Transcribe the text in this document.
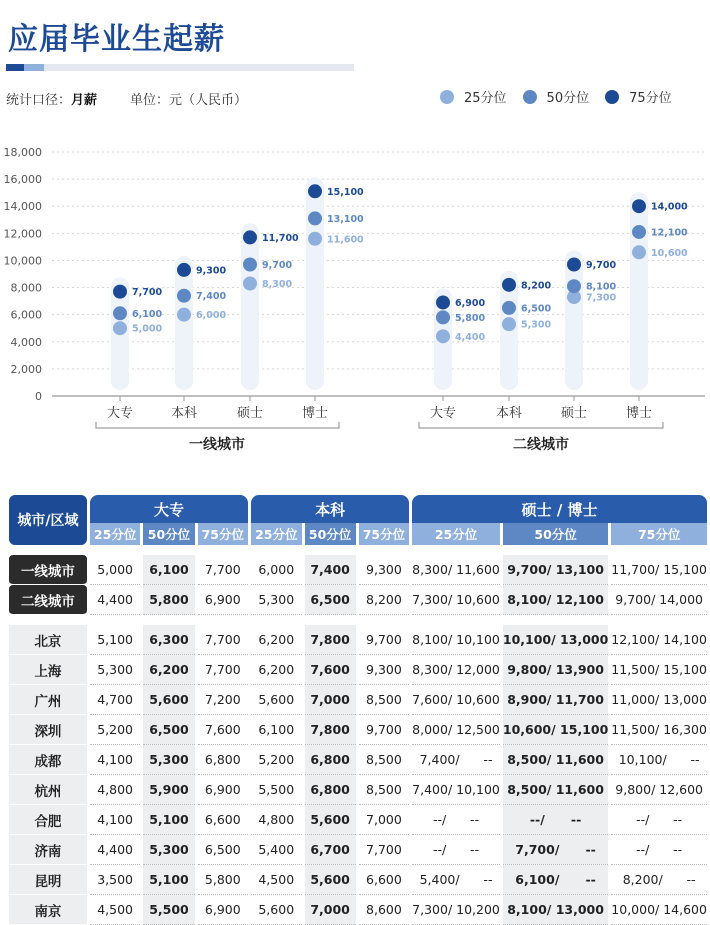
应届毕业生起薪
统计口径：月薪	单位：元（人民币）	25分位	50分位	75分位
0
2,000
4,000
6,000
8,000
10,000
12,000
14,000
16,000
18,000
大专	本科	硕士	博士
一线城市
5,000
6,000
8,300
11,600
6,100
7,400
9,700
13,100
7,700
9,300
11,700
15,100
大专	本科	硕士	博士
二线城市
4,400
5,300
7,300
10,600
5,800
6,500
8,100
12,100
6,900
8,200
9,700
14,000
城市/区域	大专			本科			硕士 / 博士		
	25分位	50分位	75分位	25分位	50分位	75分位	25分位	50分位	75分位

一线城市	5,000	6,100	7,700	6,000	7,400	9,300	8,300/ 11,600	9,700/ 13,100	11,700/ 15,100
二线城市	4,400	5,800	6,900	5,300	6,500	8,200	7,300/ 10,600	8,100/ 12,100	9,700/ 14,000

北京	5,100	6,300	7,700	6,200	7,800	9,700	8,100/ 10,100	10,100/ 13,000	12,100/ 14,100
上海	5,300	6,200	7,700	6,200	7,600	9,300	8,300/ 12,000	9,800/ 13,900	11,500/ 15,100
广州	4,700	5,600	7,200	5,600	7,000	8,500	7,600/ 10,600	8,900/ 11,700	11,000/ 13,000
深圳	5,200	6,500	7,600	6,100	7,800	9,700	8,000/ 12,500	10,600/ 15,100	11,500/ 16,300
成都	4,100	5,300	6,800	5,200	6,800	8,500	7,400/      --	8,500/ 11,600	10,100/      --
杭州	4,800	5,900	6,900	5,500	6,800	8,500	7,400/ 10,100	8,500/ 11,600	9,800/ 12,600
合肥	4,100	5,100	6,600	4,800	5,600	7,000	--/      --	--/      --	--/      --
济南	4,400	5,300	6,500	5,400	6,700	7,700	--/      --	7,700/      --	--/      --
昆明	3,500	5,100	5,800	4,500	5,600	6,600	5,400/      --	6,100/      --	8,200/      --
南京	4,500	5,500	6,900	5,600	7,000	8,600	7,300/ 10,200	8,100/ 13,000	10,000/ 14,600
